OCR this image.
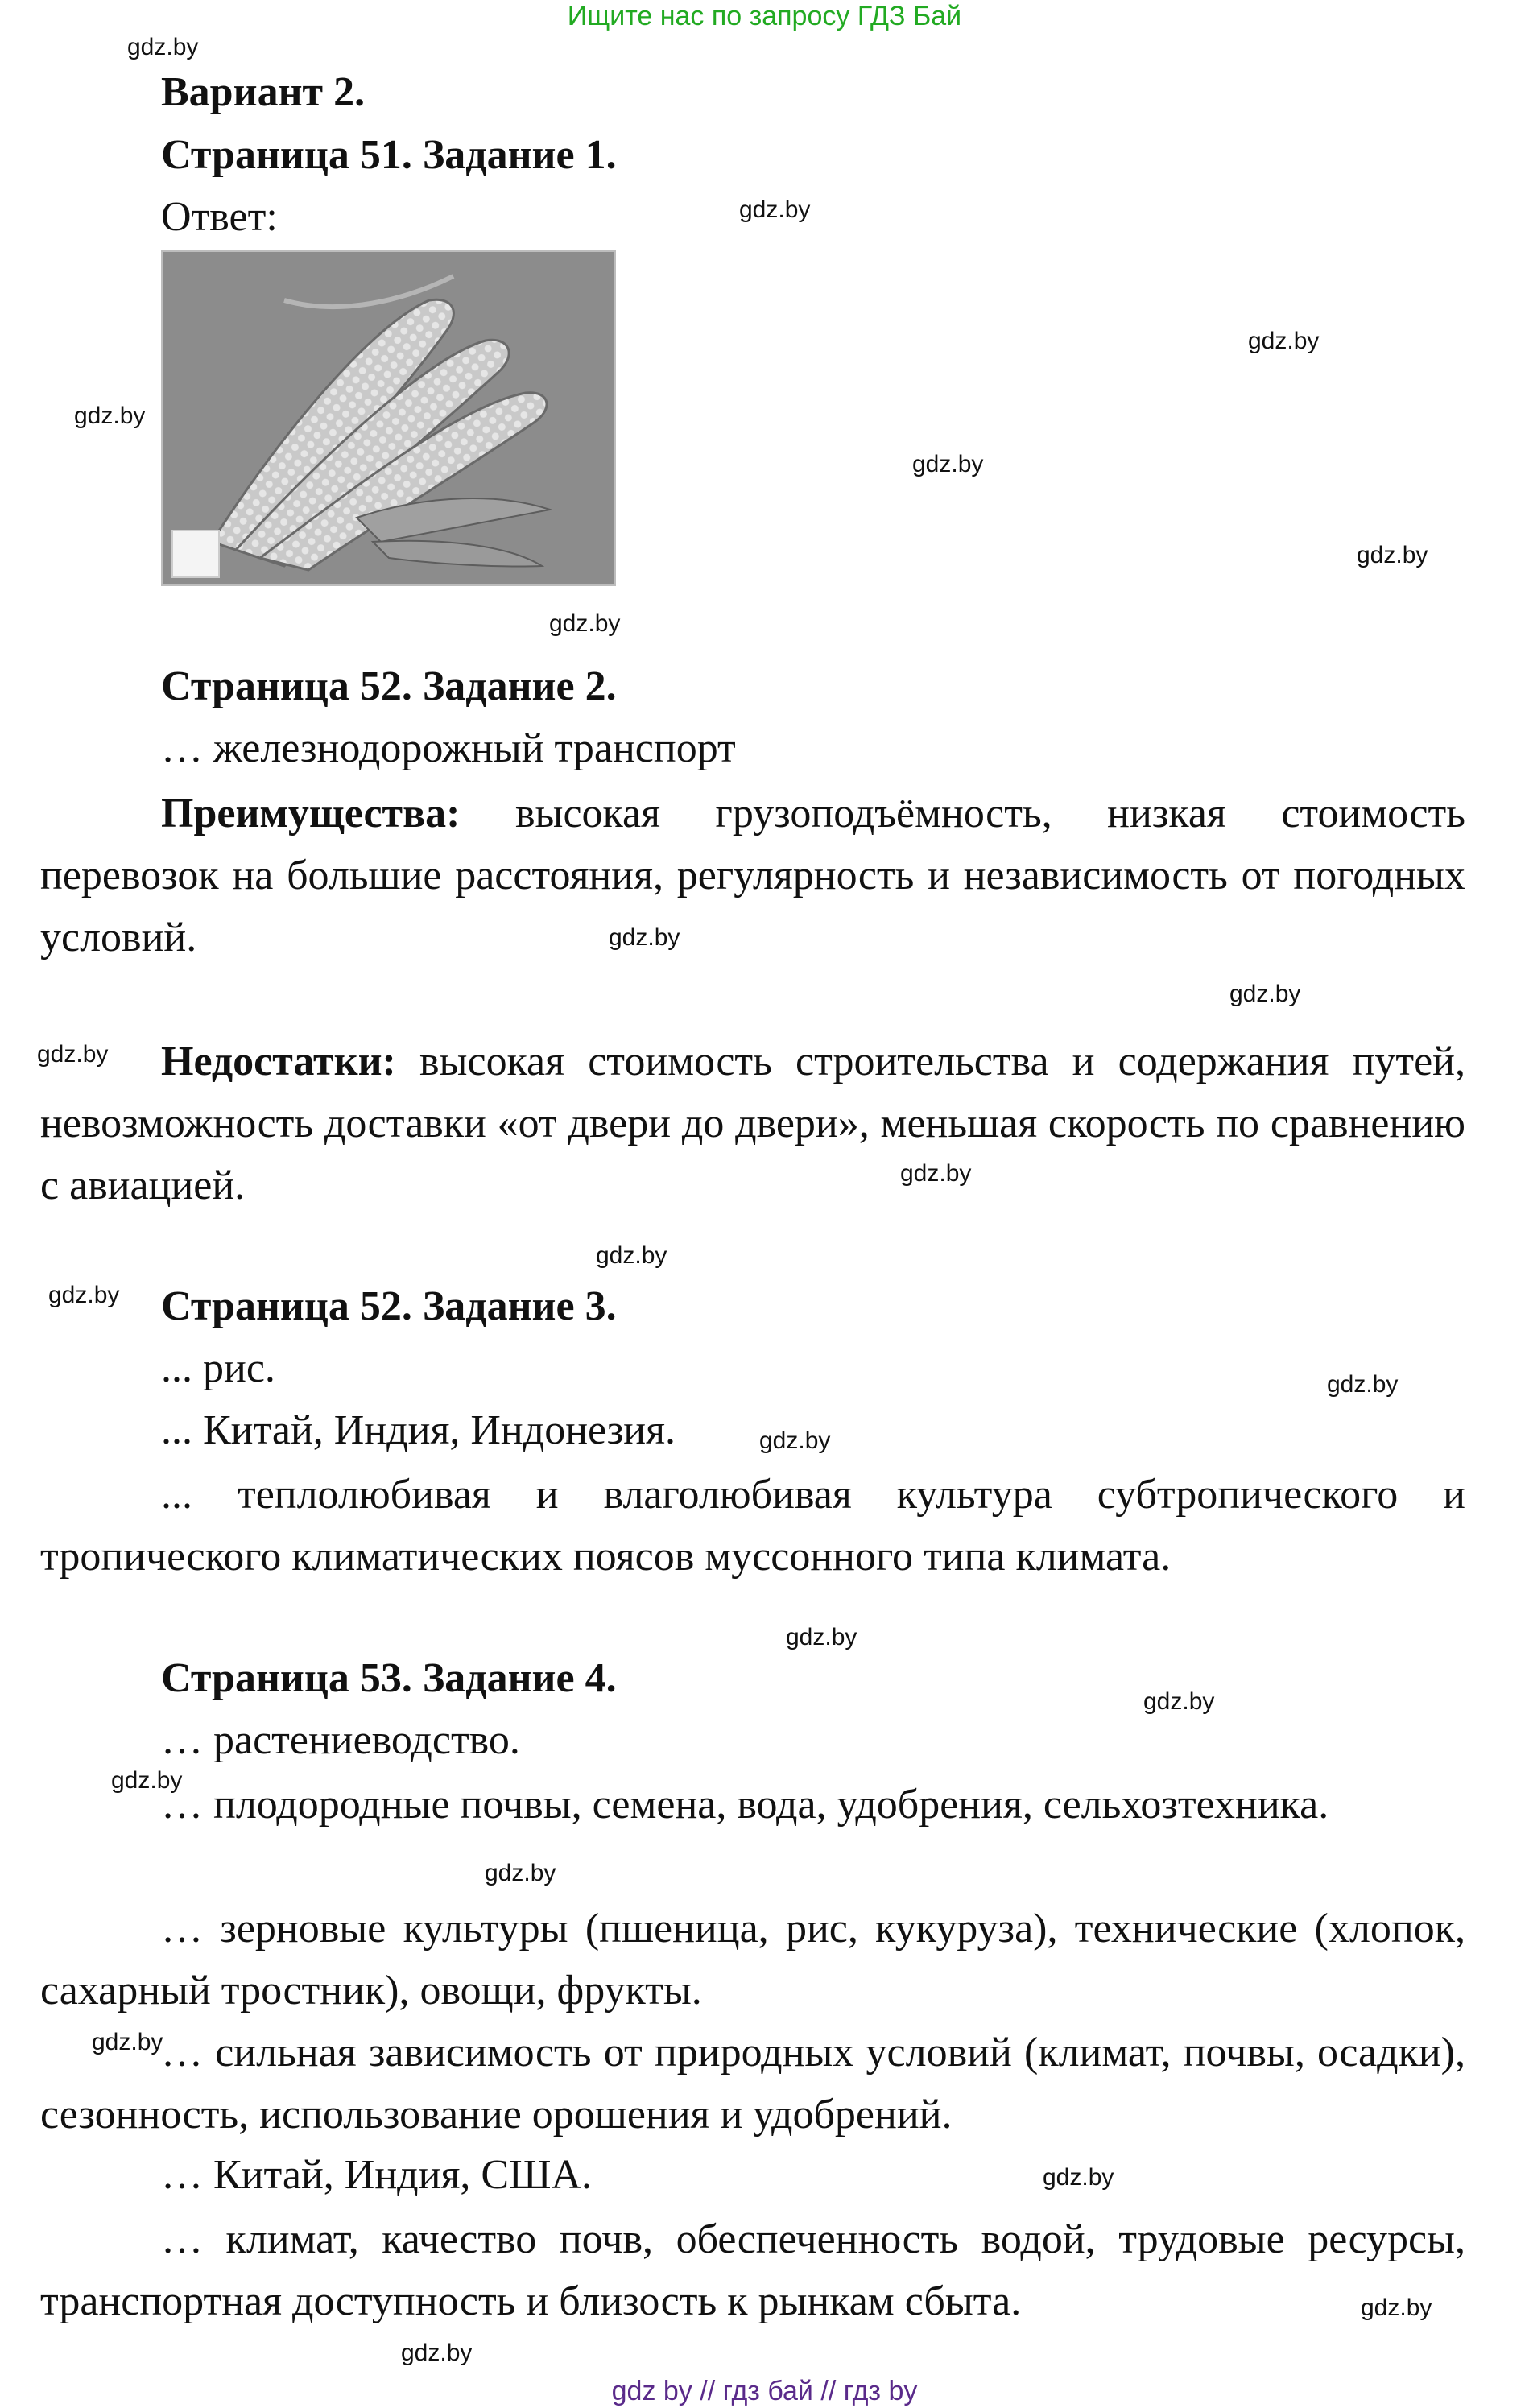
Ищите нас по запросу ГДЗ Бай
gdz.by
gdz.by
gdz.by
gdz.by
gdz.by
gdz.by
gdz.by
gdz.by
gdz.by
gdz.by
gdz.by
gdz.by
gdz.by
gdz.by
gdz.by
gdz.by
gdz.by
gdz.by
gdz.by
gdz.by
gdz.by
gdz.by
gdz.by
Вариант 2.
Страница 51. Задание 1.
Ответ:
Страница 52. Задание 2.
… железнодорожный транспорт
Преимущества: высокая грузоподъёмность, низкая стоимость перевозок на большие расстояния, регулярность и независимость от погодных условий.
Недостатки: высокая стоимость строительства и содержания путей, невозможность доставки «от двери до двери», меньшая скорость по сравнению с авиацией.
Страница 52. Задание 3.
... рис.
... Китай, Индия, Индонезия.
... теплолюбивая и влаголюбивая культура субтропического и тропического климатических поясов муссонного типа климата.
Страница 53. Задание 4.
… растениеводство.
… плодородные почвы, семена, вода, удобрения, сельхозтехника.
… зерновые культуры (пшеница, рис, кукуруза), технические (хлопок, сахарный тростник), овощи, фрукты.
… сильная зависимость от природных условий (климат, почвы, осадки), сезонность, использование орошения и удобрений.
… Китай, Индия, США.
… климат, качество почв, обеспеченность водой, трудовые ресурсы, транспортная доступность и близость к рынкам сбыта.
gdz by // гдз бай // гдз by
